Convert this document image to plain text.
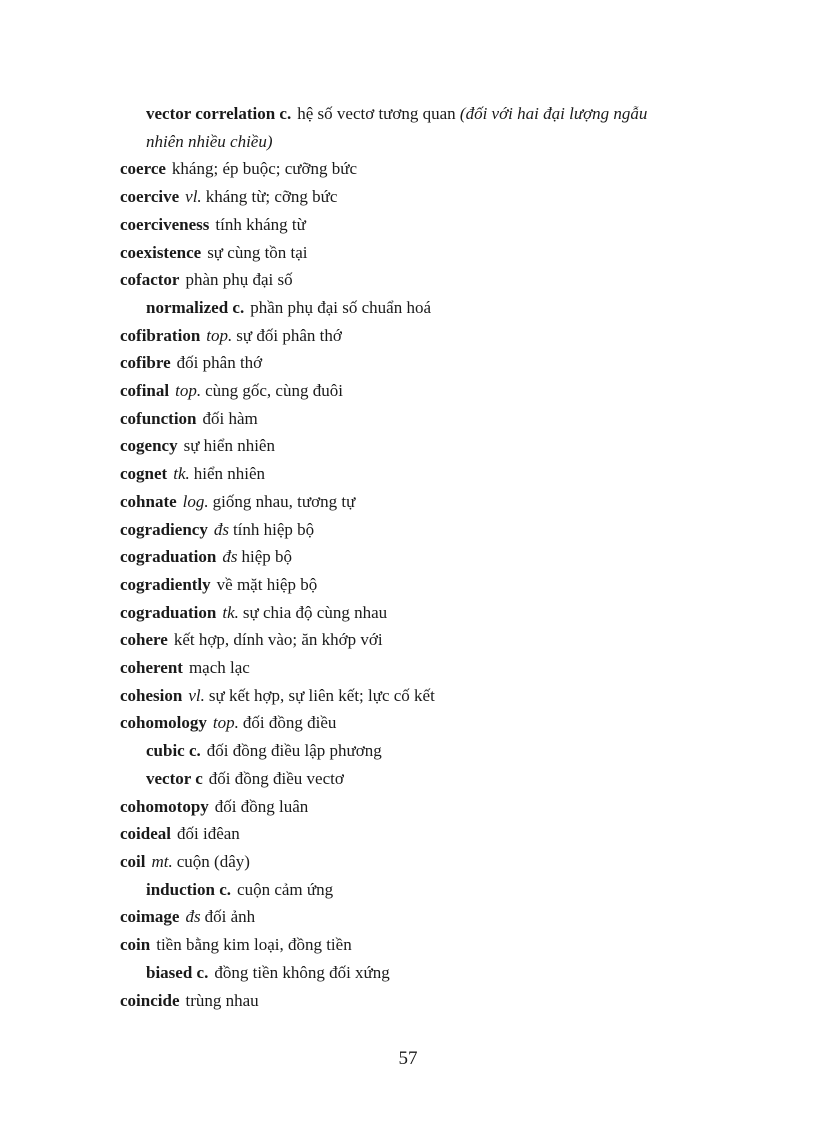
vector correlation c. hệ số vectơ tương quan (đối với hai đại lượng ngẫu
nhiên nhiều chiều)
coerce kháng; ép buộc; cưỡng bức
coercive vl. kháng từ; cỡng bức
coerciveness tính kháng từ
coexistence sự cùng tồn tại
cofactor phàn phụ đại số
normalized c. phần phụ đại số chuẩn hoá
cofibration top. sự đối phân thớ
cofibre đối phân thớ
cofinal top. cùng gốc, cùng đuôi
cofunction đối hàm
cogency sự hiển nhiên
cognet tk. hiển nhiên
cohnate log. giống nhau, tương tự
cogradiency đs tính hiệp bộ
cograduation đs hiệp bộ
cogradiently về mặt hiệp bộ
cograduation tk. sự chia độ cùng nhau
cohere kết hợp, dính vào; ăn khớp với
coherent mạch lạc
cohesion vl. sự kết hợp, sự liên kết; lực cố kết
cohomology top. đối đồng điều
cubic c. đối đồng điều lập phương
vector c đối đồng điều vectơ
cohomotopy đối đồng luân
coideal đối iđêan
coil mt. cuộn (dây)
induction c. cuộn cảm ứng
coimage đs đối ảnh
coin tiền bằng kim loại, đồng tiền
biased c. đồng tiền không đối xứng
coincide trùng nhau
57
